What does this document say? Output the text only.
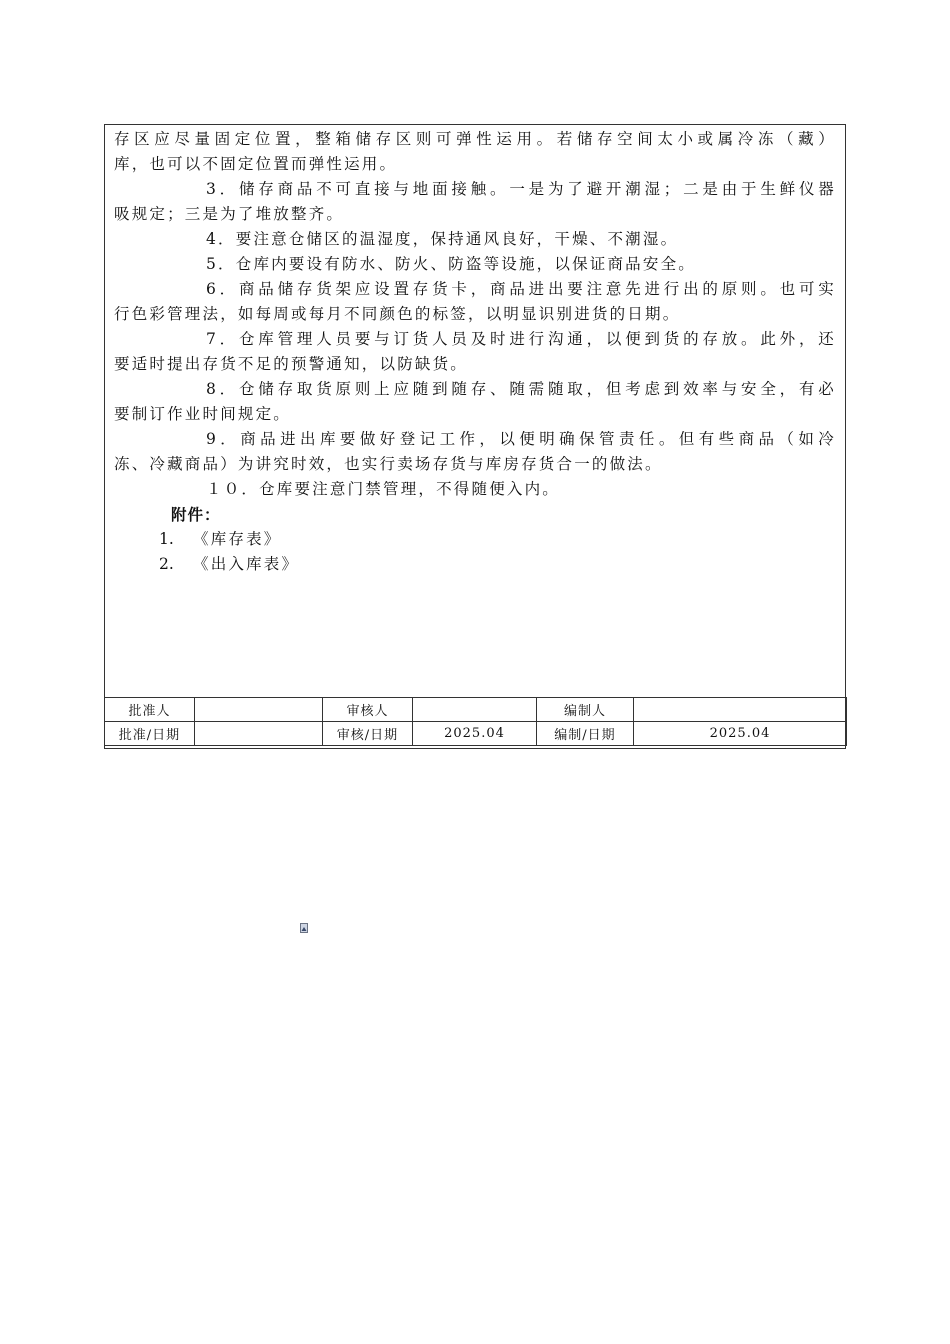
存区应尽量固定位置，整箱储存区则可弹性运用。若储存空间太小或属冷冻（藏）
库，也可以不固定位置而弹性运用。
3．储存商品不可直接与地面接触。一是为了避开潮湿；二是由于生鲜仪器
吸规定；三是为了堆放整齐。
4．要注意仓储区的温湿度，保持通风良好，干燥、不潮湿。
5．仓库内要设有防水、防火、防盗等设施，以保证商品安全。
6．商品储存货架应设置存货卡，商品进出要注意先进行出的原则。也可实
行色彩管理法，如每周或每月不同颜色的标签，以明显识别进货的日期。
7．仓库管理人员要与订货人员及时进行沟通，以便到货的存放。此外，还
要适时提出存货不足的预警通知，以防缺货。
8．仓储存取货原则上应随到随存、随需随取，但考虑到效率与安全，有必
要制订作业时间规定。
9．商品进出库要做好登记工作，以便明确保管责任。但有些商品（如冷
冻、冷藏商品）为讲究时效，也实行卖场存货与库房存货合一的做法。
１０．仓库要注意门禁管理，不得随便入内。
附件：
1. 《库存表》
2. 《出入库表》
批准人		审核人		编制人	
批准/日期		审核/日期	2025.04	编制/日期	2025.04
